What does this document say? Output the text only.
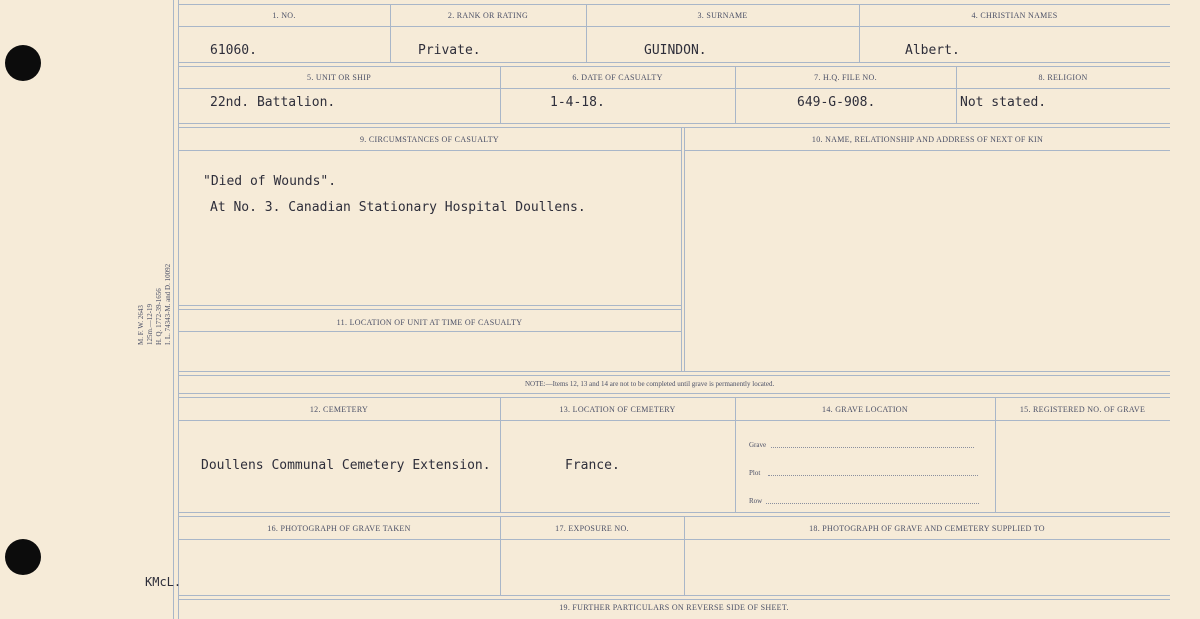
M. F. W. 2643 125m.—12-19 H. Q. 1772-39-1656 I. L. 74343-M. and D. 10092
KMcL.
1. NO.	2. RANK OR RATING	3. SURNAME	4. CHRISTIAN NAMES
61060.	Private.	GUINDON.	Albert.
5. UNIT OR SHIP	6. DATE OF CASUALTY	7. H.Q. FILE NO.	8. RELIGION
22nd. Battalion.	1-4-18.	649-G-908.	Not stated.
9. CIRCUMSTANCES OF CASUALTY	10. NAME, RELATIONSHIP AND ADDRESS OF NEXT OF KIN
"Died of Wounds".
At No. 3. Canadian Stationary Hospital Doullens.
11. LOCATION OF UNIT AT TIME OF CASUALTY
NOTE:—Items 12, 13 and 14 are not to be completed until grave is permanently located.
12. CEMETERY	13. LOCATION OF CEMETERY	14. GRAVE LOCATION	15. REGISTERED NO. OF GRAVE
Doullens Communal Cemetery Extension.	France.
Grave
Plot
Row
16. PHOTOGRAPH OF GRAVE TAKEN	17. EXPOSURE NO.	18. PHOTOGRAPH OF GRAVE AND CEMETERY SUPPLIED TO
19. FURTHER PARTICULARS ON REVERSE SIDE OF SHEET.
